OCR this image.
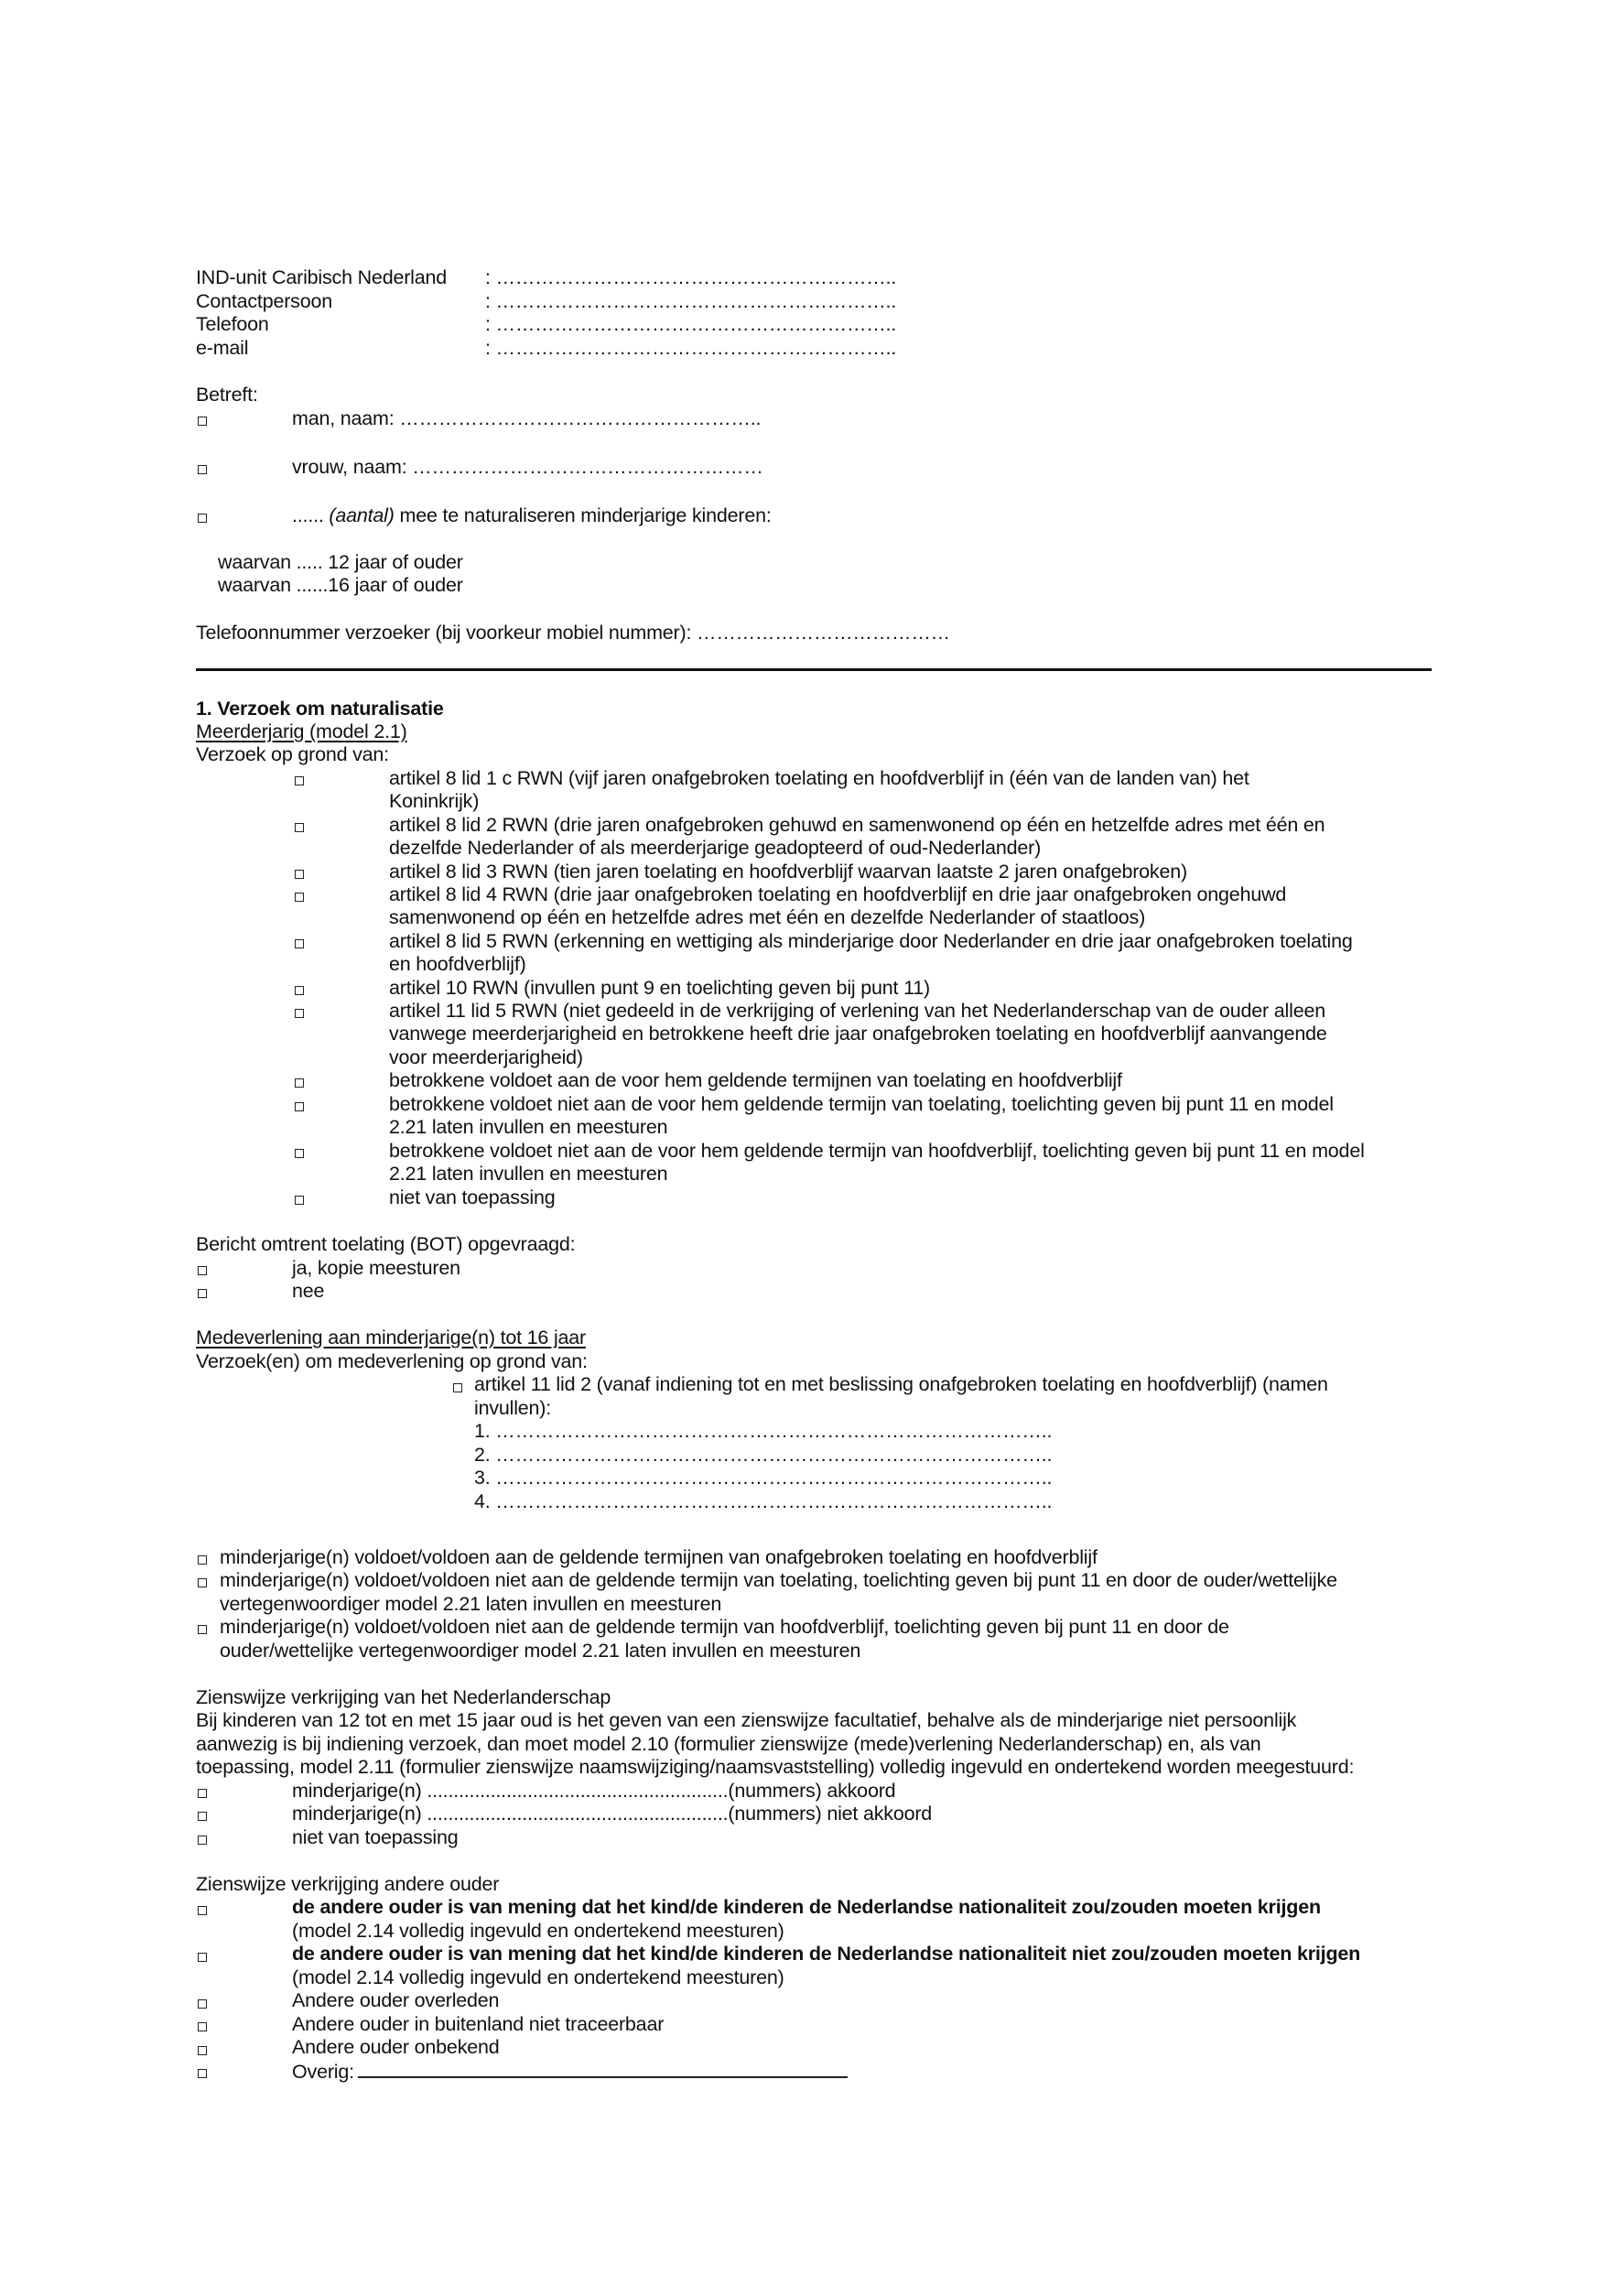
IND-unit Caribisch Nederland : ……………………………………………………..
Contactpersoon	: ……………………………………………………..
Telefoon	: ……………………………………………………..
e-mail	: ……………………………………………………..
Betreft:
man, naam: ………………………………………………..
vrouw, naam: ………………………………………………
...... (aantal) mee te naturaliseren minderjarige kinderen:
waarvan ..... 12 jaar of ouder
waarvan ......16 jaar of ouder
Telefoonnummer verzoeker (bij voorkeur mobiel nummer): …………………………………
1. Verzoek om naturalisatie
Meerderjarig (model 2.1)
Verzoek op grond van:
artikel 8 lid 1 c RWN (vijf jaren onafgebroken toelating en hoofdverblijf in (één van de landen van) het
Koninkrijk)
artikel 8 lid 2 RWN (drie jaren onafgebroken gehuwd en samenwonend op één en hetzelfde adres met één en
dezelfde Nederlander of als meerderjarige geadopteerd of oud-Nederlander)
artikel 8 lid 3 RWN (tien jaren toelating en hoofdverblijf waarvan laatste 2 jaren onafgebroken)
artikel 8 lid 4 RWN (drie jaar onafgebroken toelating en hoofdverblijf en drie jaar onafgebroken ongehuwd
samenwonend op één en hetzelfde adres met één en dezelfde Nederlander of staatloos)
artikel 8 lid 5 RWN (erkenning en wettiging als minderjarige door Nederlander en drie jaar onafgebroken toelating
en hoofdverblijf)
artikel 10 RWN (invullen punt 9 en toelichting geven bij punt 11)
artikel 11 lid 5 RWN (niet gedeeld in de verkrijging of verlening van het Nederlanderschap van de ouder alleen
vanwege meerderjarigheid en betrokkene heeft drie jaar onafgebroken toelating en hoofdverblijf aanvangende
voor meerderjarigheid)
betrokkene voldoet aan de voor hem geldende termijnen van toelating en hoofdverblijf
betrokkene voldoet niet aan de voor hem geldende termijn van toelating, toelichting geven bij punt 11 en model
2.21 laten invullen en meesturen
betrokkene voldoet niet aan de voor hem geldende termijn van hoofdverblijf, toelichting geven bij punt 11 en model
2.21 laten invullen en meesturen
niet van toepassing
Bericht omtrent toelating (BOT) opgevraagd:
ja, kopie meesturen
nee
Medeverlening aan minderjarige(n) tot 16 jaar
Verzoek(en) om medeverlening op grond van:
artikel 11 lid 2 (vanaf indiening tot en met beslissing onafgebroken toelating en hoofdverblijf) (namen
invullen):
1. …………………………………………………………………………..
2. …………………………………………………………………………..
3. …………………………………………………………………………..
4. …………………………………………………………………………..
minderjarige(n) voldoet/voldoen aan de geldende termijnen van onafgebroken toelating en hoofdverblijf
minderjarige(n) voldoet/voldoen niet aan de geldende termijn van toelating, toelichting geven bij punt 11 en door de ouder/wettelijke
vertegenwoordiger model 2.21 laten invullen en meesturen
minderjarige(n) voldoet/voldoen niet aan de geldende termijn van hoofdverblijf, toelichting geven bij punt 11 en door de
ouder/wettelijke vertegenwoordiger model 2.21 laten invullen en meesturen
Zienswijze verkrijging van het Nederlanderschap
Bij kinderen van 12 tot en met 15 jaar oud is het geven van een zienswijze facultatief, behalve als de minderjarige niet persoonlijk
aanwezig is bij indiening verzoek, dan moet model 2.10 (formulier zienswijze (mede)verlening Nederlanderschap) en, als van
toepassing, model 2.11 (formulier zienswijze naamswijziging/naamsvaststelling) volledig ingevuld en ondertekend worden meegestuurd:
minderjarige(n) .........................................................(nummers) akkoord
minderjarige(n) .........................................................(nummers) niet akkoord
niet van toepassing
Zienswijze verkrijging andere ouder
de andere ouder is van mening dat het kind/de kinderen de Nederlandse nationaliteit zou/zouden moeten krijgen
(model 2.14 volledig ingevuld en ondertekend meesturen)
de andere ouder is van mening dat het kind/de kinderen de Nederlandse nationaliteit niet zou/zouden moeten krijgen
(model 2.14 volledig ingevuld en ondertekend meesturen)
Andere ouder overleden
Andere ouder in buitenland niet traceerbaar
Andere ouder onbekend
Overig:
